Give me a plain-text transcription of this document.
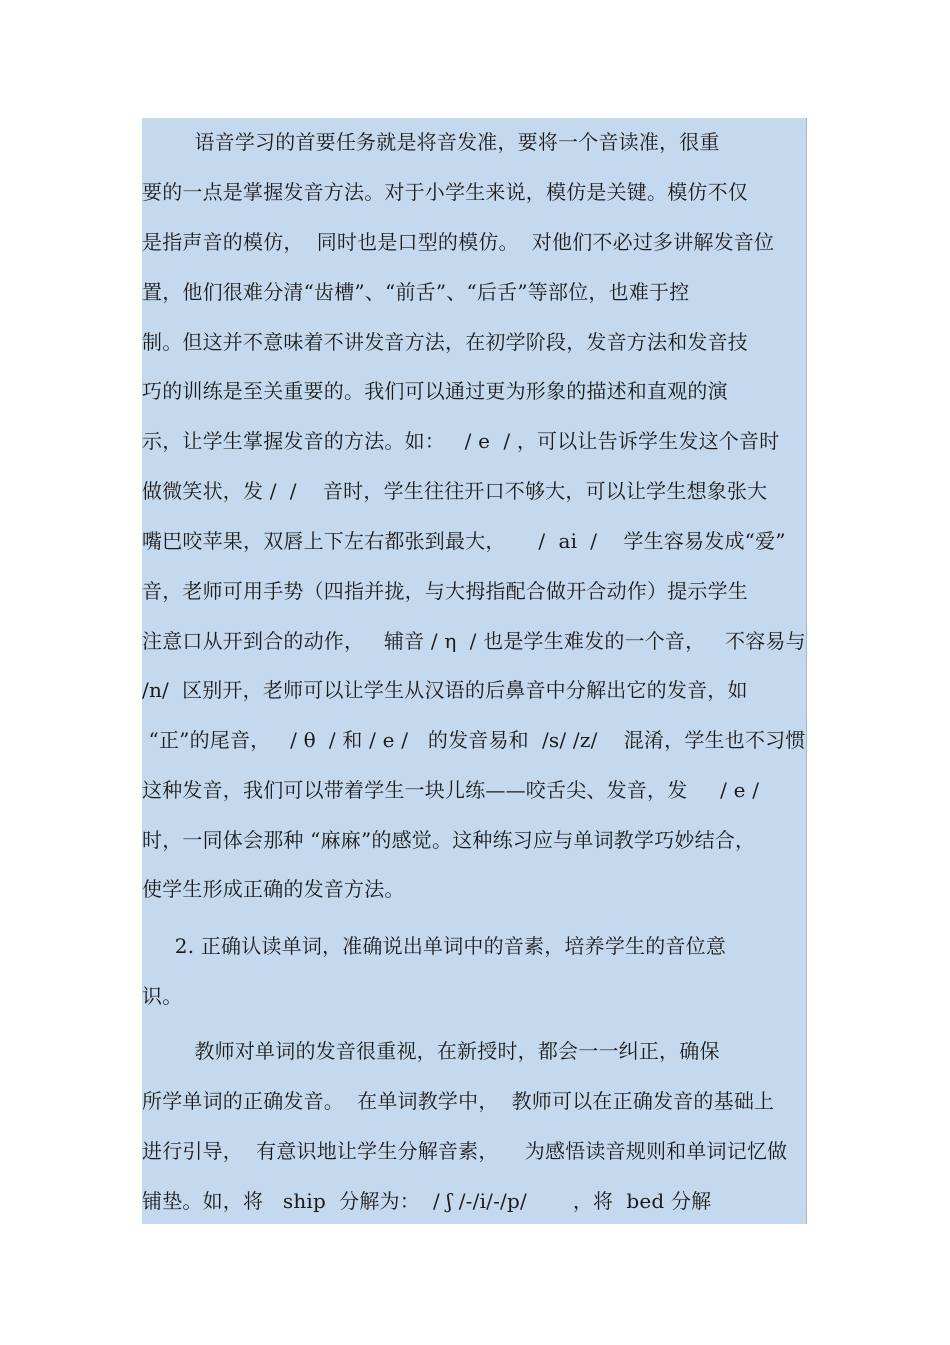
语音学习的首要任务就是将音发准，要将一个音读准，很重
要的一点是掌握发音方法。对于小学生来说，模仿是关键。模仿不仅
是指声音的模仿，  同时也是口型的模仿。  对他们不必过多讲解发音位
置，他们很难分清“齿槽”、“前舌”、“后舌”等部位，也难于控
制。但这并不意味着不讲发音方法，在初学阶段，发音方法和发音技
巧的训练是至关重要的。我们可以通过更为形象的描述和直观的演
示，让学生掌握发音的方法。如：   / e  / ，可以让告诉学生发这个音时
做微笑状，发 /  /    音时，学生往往开口不够大，可以让学生想象张大
嘴巴咬苹果，双唇上下左右都张到最大，     /  ai  /    学生容易发成“爱”
音，老师可用手势（四指并拢，与大拇指配合做开合动作）提示学生
注意口从开到合的动作，   辅音 / η  / 也是学生难发的一个音，   不容易与
/n/  区别开，老师可以让学生从汉语的后鼻音中分解出它的发音，如
“正”的尾音，   / θ  / 和 / e /   的发音易和  /s/ /z/    混淆，学生也不习惯
这种发音，我们可以带着学生一块儿练——咬舌尖、发音，发     / e /
时，一同体会那种 “麻麻”的感觉。这种练习应与单词教学巧妙结合，
使学生形成正确的发音方法。
2. 正确认读单词，准确说出单词中的音素，培养学生的音位意
识。
教师对单词的发音很重视，在新授时，都会一一纠正，确保
所学单词的正确发音。  在单词教学中，  教师可以在正确发音的基础上
进行引导，  有意识地让学生分解音素，    为感悟读音规则和单词记忆做
铺垫。如，将   ship  分解为：  / ʃ /-/i/-/p/       ，将  bed 分解
